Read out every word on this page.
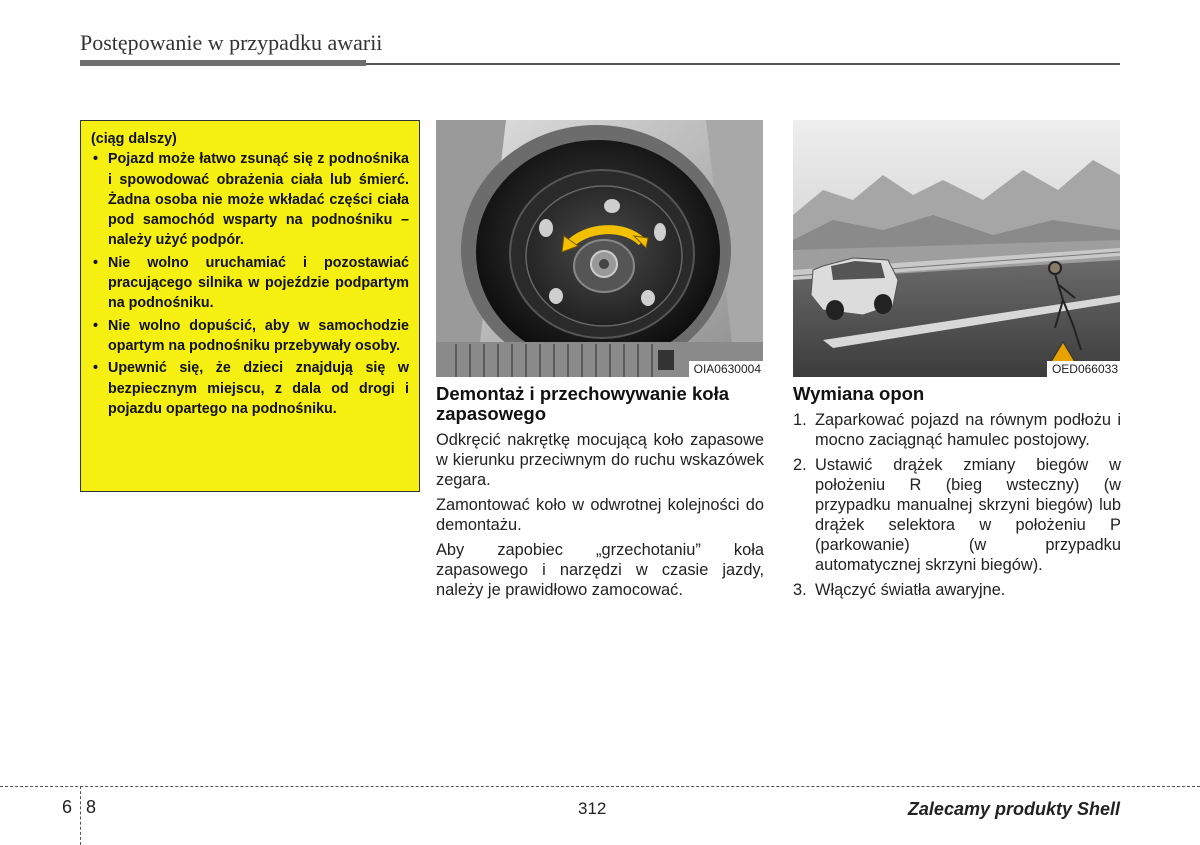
Postępowanie w przypadku awarii
(ciąg dalszy)
• Pojazd może łatwo zsunąć się z podnośnika i spowodować obrażenia ciała lub śmierć. Żadna osoba nie może wkładać części ciała pod samochód wsparty na podnośniku – należy użyć podpór.
• Nie wolno uruchamiać i pozostawiać pracującego silnika w pojeździe podpartym na podnośniku.
• Nie wolno dopuścić, aby w samochodzie opartym na podnośniku przebywały osoby.
• Upewnić się, że dzieci znajdują się w bezpiecznym miejscu, z dala od drogi i pojazdu opartego na podnośniku.
OIA0630004	OED066033
Demontaż i przechowywanie koła zapasowego

Odkręcić nakrętkę mocującą koło zapasowe w kierunku przeciwnym do ruchu wskazówek zegara.

Zamontować koło w odwrotnej kolejności do demontażu.

Aby zapobiec „grzechotaniu” koła zapasowego i narzędzi w czasie jazdy, należy je prawidłowo zamocować.

Wymiana opon
1. Zaparkować pojazd na równym podłożu i mocno zaciągnąć hamulec postojowy.
2. Ustawić drążek zmiany biegów w położeniu R (bieg wsteczny) (w przypadku manualnej skrzyni biegów) lub drążek selektora w położeniu P (parkowanie) (w przypadku automatycznej skrzyni biegów).
3. Włączyć światła awaryjne.
6 8	312	Zalecamy produkty Shell
